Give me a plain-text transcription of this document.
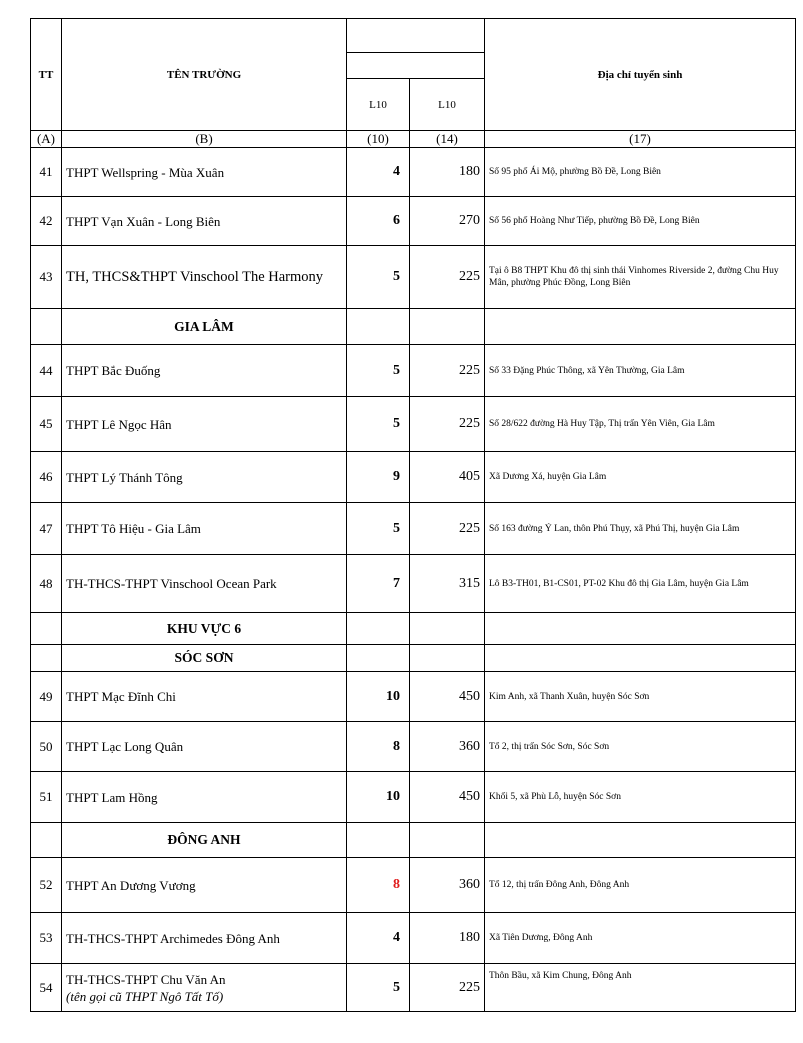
TT	TÊN TRƯỜNG			Địa chỉ tuyển sinh

		L10	L10	
(A)	(B)	(10)	(14)	(17)
41	THPT Wellspring - Mùa Xuân	4	180	Số 95 phố Ái Mộ, phường Bồ Đề, Long Biên
42	THPT Vạn Xuân - Long Biên	6	270	Số 56 phố Hoàng Như Tiếp, phường Bồ Đề, Long Biên
43	TH, THCS&THPT Vinschool The Harmony	5	225	Tại ô B8 THPT Khu đô thị sinh thái Vinhomes Riverside 2, đường Chu Huy Mân, phường Phúc Đồng, Long Biên
	GIA LÂM			
44	THPT Bắc Đuống	5	225	Số 33 Đặng Phúc Thông, xã Yên Thường, Gia Lâm
45	THPT Lê Ngọc Hân	5	225	Số 28/622 đường Hà Huy Tập, Thị trấn Yên Viên, Gia Lâm
46	THPT Lý Thánh Tông	9	405	Xã Dương Xá, huyện Gia Lâm
47	THPT Tô Hiệu - Gia Lâm	5	225	Số 163 đường Ỷ Lan, thôn Phú Thụy, xã Phú Thị, huyện Gia Lâm
48	TH-THCS-THPT Vinschool Ocean Park	7	315	Lô B3-TH01, B1-CS01, PT-02 Khu đô thị Gia Lâm, huyện Gia Lâm
	KHU VỰC 6			
	SÓC SƠN			
49	THPT Mạc Đĩnh Chi	10	450	Kim Anh, xã Thanh Xuân, huyện Sóc Sơn
50	THPT Lạc Long Quân	8	360	Tổ 2, thị trấn Sóc Sơn, Sóc Sơn
51	THPT Lam Hồng	10	450	Khối 5, xã Phù Lỗ, huyện Sóc Sơn
	ĐÔNG ANH			
52	THPT An Dương Vương	8	360	Tổ 12, thị trấn Đông Anh, Đông Anh
53	TH-THCS-THPT Archimedes Đông Anh	4	180	Xã Tiên Dương, Đông Anh
54	TH-THCS-THPT Chu Văn An
(tên gọi cũ THPT Ngô Tất Tố)	5	225	Thôn Bầu, xã Kim Chung, Đông Anh
